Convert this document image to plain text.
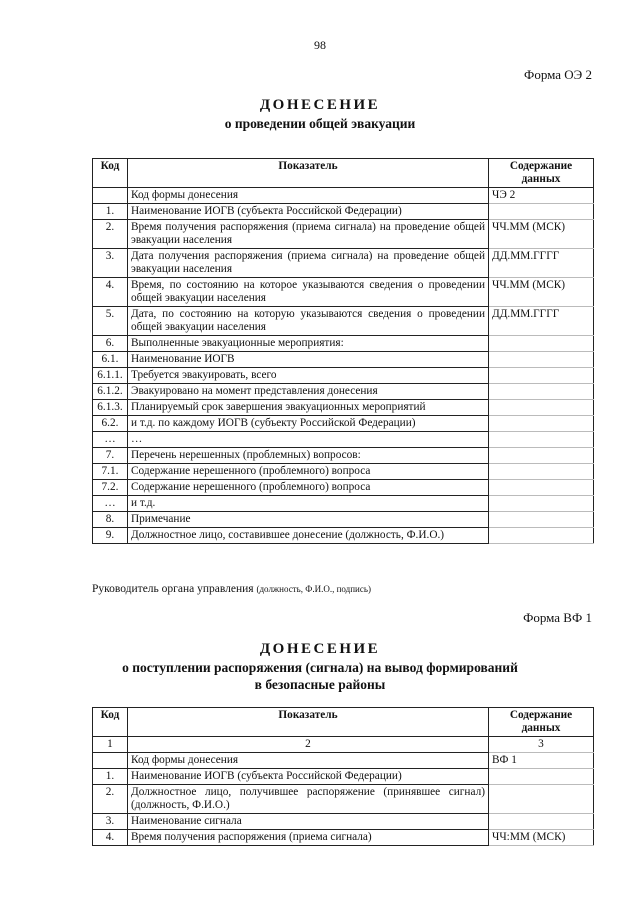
98
Форма ОЭ 2
ДОНЕСЕНИЕ
о проведении общей эвакуации
Код	Показатель	Содержание данных
	Код формы донесения	ЧЭ 2
1.	Наименование ИОГВ (субъекта Российской Федерации)	
2.	Время получения распоряжения (приема сигнала) на проведение общей эвакуации населения	ЧЧ.ММ (МСК)
3.	Дата получения распоряжения (приема сигнала) на проведение общей эвакуации населения	ДД.ММ.ГГГГ
4.	Время, по состоянию на которое указываются сведения о проведении общей эвакуации населения	ЧЧ.ММ (МСК)
5.	Дата, по состоянию на которую указываются сведения о проведении общей эвакуации населения	ДД.ММ.ГГГГ
6.	Выполненные эвакуационные мероприятия:	
6.1.	Наименование ИОГВ	
6.1.1.	Требуется эвакуировать, всего	
6.1.2.	Эвакуировано на момент представления донесения	
6.1.3.	Планируемый срок завершения эвакуационных мероприятий	
6.2.	и т.д. по каждому ИОГВ (субъекту Российской Федерации)	
…	…	
7.	Перечень нерешенных (проблемных) вопросов:	
7.1.	Содержание нерешенного (проблемного) вопроса	
7.2.	Содержание нерешенного (проблемного) вопроса	
…	и т.д.	
8.	Примечание	
9.	Должностное лицо, составившее донесение (должность, Ф.И.О.)	
Руководитель органа управления (должность, Ф.И.О., подпись)
Форма ВФ 1
ДОНЕСЕНИЕ
о поступлении распоряжения (сигнала) на вывод формирований
в безопасные районы
Код	Показатель	Содержание данных
1	2	3
	Код формы донесения	ВФ 1
1.	Наименование ИОГВ (субъекта Российской Федерации)	
2.	Должностное лицо, получившее распоряжение (принявшее сигнал) (должность, Ф.И.О.)	
3.	Наименование сигнала	
4.	Время получения распоряжения (приема сигнала)	ЧЧ:ММ (МСК)
